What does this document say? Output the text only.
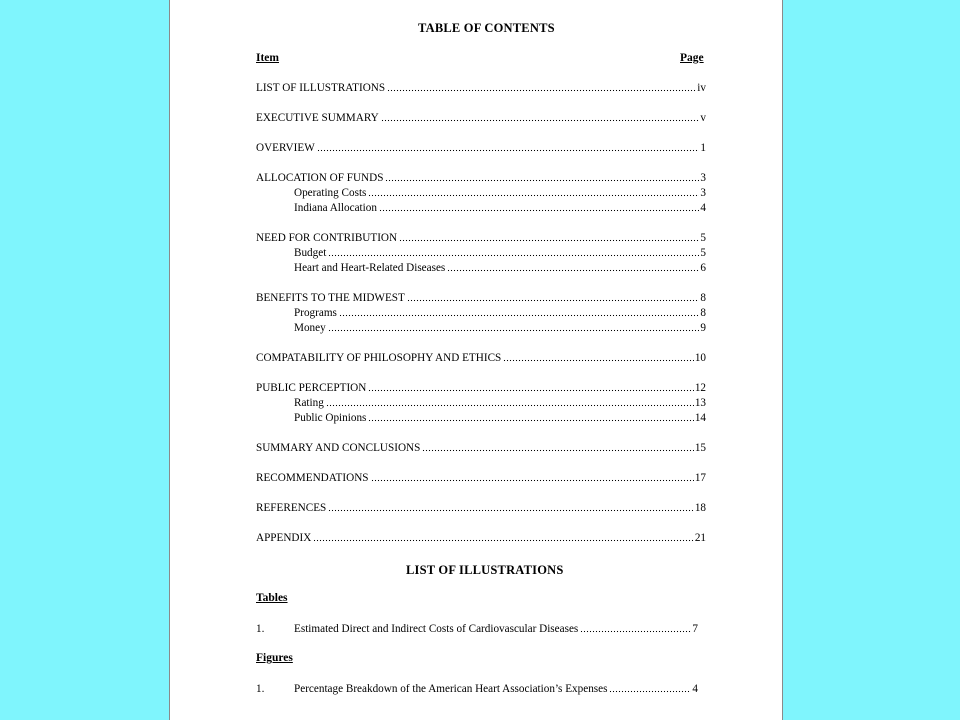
TABLE OF CONTENTS
Item	Page
LIST OF ILLUSTRATIONS	iv
EXECUTIVE SUMMARY	v
OVERVIEW	1
ALLOCATION OF FUNDS	3
Operating Costs	3
Indiana Allocation	4
NEED FOR CONTRIBUTION	5
Budget	5
Heart and Heart-Related Diseases	6
BENEFITS TO THE MIDWEST	8
Programs	8
Money	9
COMPATABILITY OF PHILOSOPHY AND ETHICS	10
PUBLIC PERCEPTION	12
Rating	13
Public Opinions	14
SUMMARY AND CONCLUSIONS	15
RECOMMENDATIONS	17
REFERENCES	18
APPENDIX	21
LIST OF ILLUSTRATIONS
Tables
1.	Estimated Direct and Indirect Costs of Cardiovascular Diseases	7
Figures
1.	Percentage Breakdown of the American Heart Association’s Expenses	4
